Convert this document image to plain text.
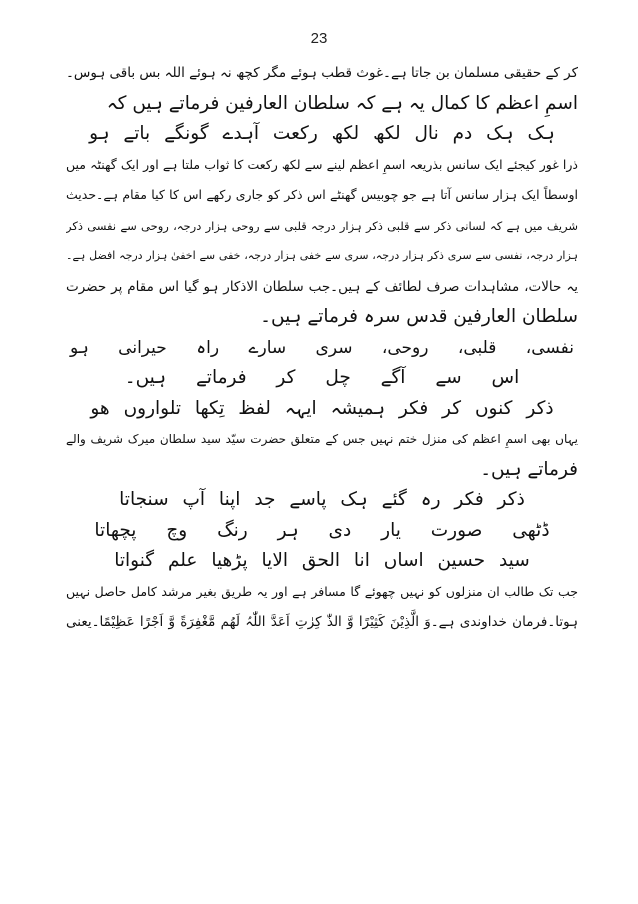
23
کر کے حقیقی مسلمان بن جاتا ہے۔غوث قطب ہوئے مگر کچھ نہ ہوئے اللہ بس باقی ہوس۔
اسمِ اعظم کا کمال یہ ہے کہ سلطان العارفین فرماتے ہیں کہ
ہک ہک دم نال لکھ لکھ رکعت آہدے گونگے باتے ہو
ذرا غور کیجئے ایک سانس بذریعہ اسمِ اعظم لینے سے لکھ رکعت کا ثواب ملتا ہے اور ایک گھنٹہ میں
اوسطاً ایک ہزار سانس آتا ہے جو چوبیس گھنٹے اس ذکر کو جاری رکھے اس کا کیا مقام ہے۔حدیث
شریف میں ہے کہ لسانی ذکر سے قلبی ذکر ہزار درجہ قلبی سے روحی ہزار درجہ، روحی سے نفسی ذکر
ہزار درجہ، نفسی سے سری ذکر ہزار درجہ، سری سے خفی ہزار درجہ، خفی سے اخفیٰ ہزار درجہ افضل ہے۔
یہ حالات، مشاہدات صرف لطائف کے ہیں۔جب سلطان الاذکار ہو گیا اس مقام پر حضرت
سلطان العارفین قدس سرہ فرماتے ہیں۔
نفسی، قلبی، روحی، سری سارے راہ حیرانی ہو
اس سے آگے چل کر فرماتے ہیں۔
ذکر کنوں کر فکر ہمیشہ ایہہ لفظ تِکھا تلواروں ھو
یہاں بھی اسمِ اعظم کی منزل ختم نہیں جس کے متعلق حضرت سیّد سید سلطان میرک شریف والے
فرماتے ہیں۔
ذکر فکر رہ گئے ہک پاسے جد اپنا آپ سنجاتا
ڈٹھی صورت یار دی ہر رنگ وچ پچھاتا
سید حسین اساں انا الحق الایا پڑھیا علم گنواتا
جب تک طالب ان منزلوں کو نہیں چھوئے گا مسافر ہے اور یہ طریق بغیر مرشد کامل حاصل نہیں
ہوتا۔فرمان خداوندی ہے۔وَ الَّذِیْنَ کَثِیْرًا وَّ الذّٰ کِرٰتِ اَعَدَّ اللّٰہُ لَهُم مَّغْفِرَةً وَّ اَجْرًا عَظِیْمًا۔یعنی
